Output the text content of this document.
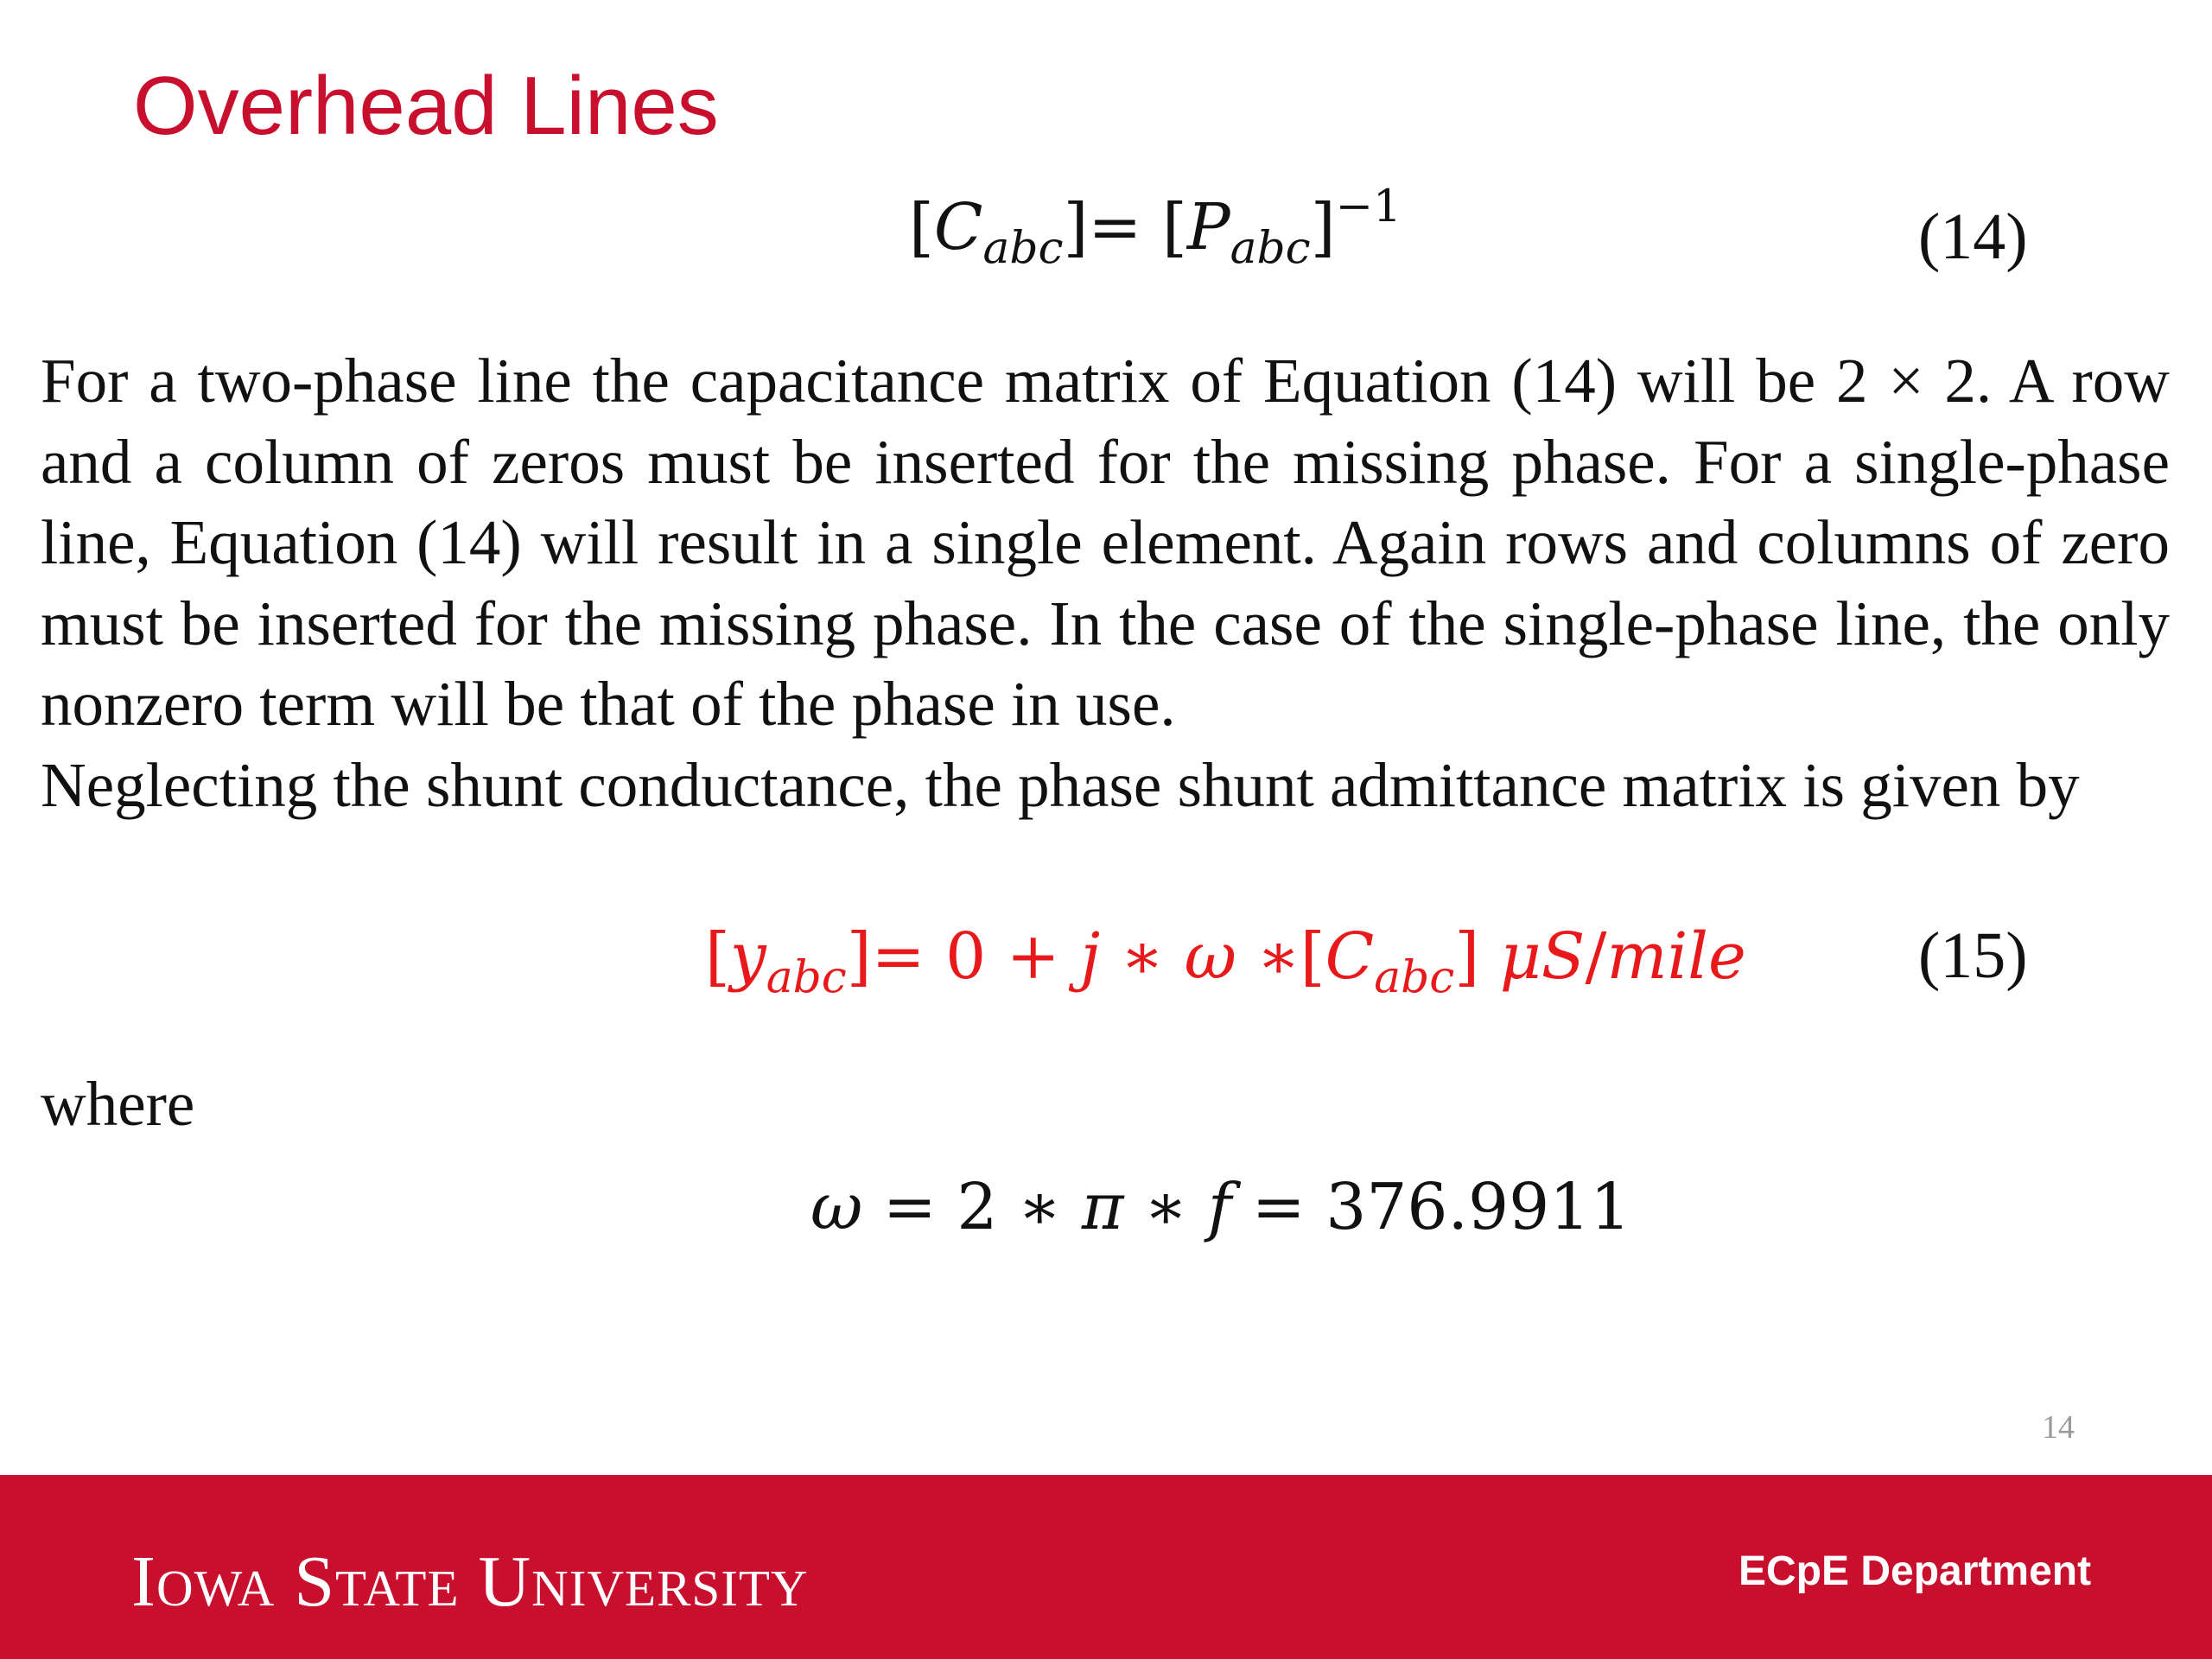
Overhead Lines
$[C_{abc}]= [P_{abc}]^{-1}$	(14)
For a two-phase line the capacitance matrix of Equation (14) will be 2 × 2. A row and a column of zeros must be inserted for the missing phase. For a single-phase line, Equation (14) will result in a single element. Again rows and columns of zero must be inserted for the missing phase. In the case of the single-phase line, the only nonzero term will be that of the phase in use.
Neglecting the shunt conductance, the phase shunt admittance matrix is given by
$[y_{abc}]= 0 + j$ ∗ ω $∗[C_{abc}]$ μS/mile	(15)
where
ω = 2 ∗ π ∗ f = 376.9911
14
Iowa State University	ECpE Department
